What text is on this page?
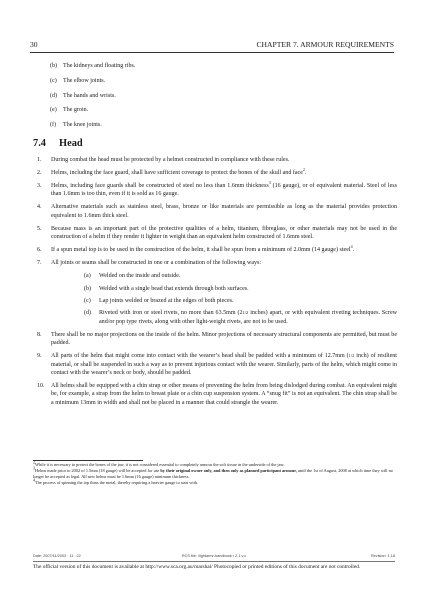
30	CHAPTER 7. ARMOUR REQUIREMENTS
(b) The kidneys and floating ribs.
(c) The elbow joints.
(d) The hands and wrists.
(e) The groin.
(f) The knee joints.
7.4 Head
1. During combat the head must be protected by a helmet constructed in compliance with these rules.
2. Helms, including the face guard, shall have sufficient coverage to protect the bones of the skull and face$^2$.
3. Helms, including face guards shall be constructed of steel no less than 1.6mm thickness$^3$ (16 gauge), or of equivalent material. Steel of less than 1.6mm is too thin, even if it is sold as 16 gauge.
4. Alternative materials such as stainless steel, brass, bronze or like materials are permissible as long as the material provides protection equivalent to 1.6mm thick steel.
5. Because mass is an important part of the protective qualities of a helm, titanium, fibreglass, or other materials may not be used in the construction of a helm if they render it lighter in weight than an equivalent helm constructed of 1.6mm steel.
6. If a spun metal top is to be used in the construction of the helm, it shall be spun from a minimum of 2.0mm (14 gauge) steel$^4$.
7. All joints or seams shall be constructed in one or a combination of the following ways:
(a) Welded on the inside and outside.
(b) Welded with a single bead that extends through both surfaces.
(c) Lap joints welded or brazed at the edges of both pieces.
(d) Riveted with iron or steel rivets, no more than 63.5mm (21/2 inches) apart, or with equivalent riveting techniques. Screw and/or pop type rivets, along with other light-weight rivets, are not to be used.
8. There shall be no major projections on the inside of the helm. Minor projections of necessary structural components are permitted, but must be padded.
9. All parts of the helm that might come into contact with the wearer’s head shall be padded with a minimum of 12.7mm (1/2 inch) of resilient material, or shall be suspended in such a way as to prevent injurious contact with the wearer. Similarly, parts of the helm, which might come in contact with the wearer’s neck or body, should be padded.
10. All helms shall be equipped with a chin strap or other means of preventing the helm from being dislodged during combat. An equivalent might be, for example, a strap from the helm to breast plate or a chin cup suspension system. A “snug fit” is not an equivalent. The chin strap shall be a minimum 13mm in width and shall not be placed in a manner that could strangle the wearer.

$^2$While it is necessary to protect the bones of the jaw, it is not considered essential to completely armour the soft tissue in the underside of the jaw.

$^3$Helms made prior to 2002 of 1.5mm (18 gauge) will be accepted for use by their original owner only, and then only as planned participant armour, until the 1st of August, 2008 at which time they will no longer be accepted as legal. All new helms must be 1.6mm (16 gauge) minimum thickness.

$^4$The process of spinning the top thins the metal, thereby requiring a heavier gauge to start with.

Date: 2007/11/2003 · 11 : 22	RCS.file: /lightarmr-handbook ▪ 2.1.v,v	Revision: 1.18
The official version of this document is available at http://www.sca.org.au/marshal/ Photocopied or printed editions of this document are not controlled.
